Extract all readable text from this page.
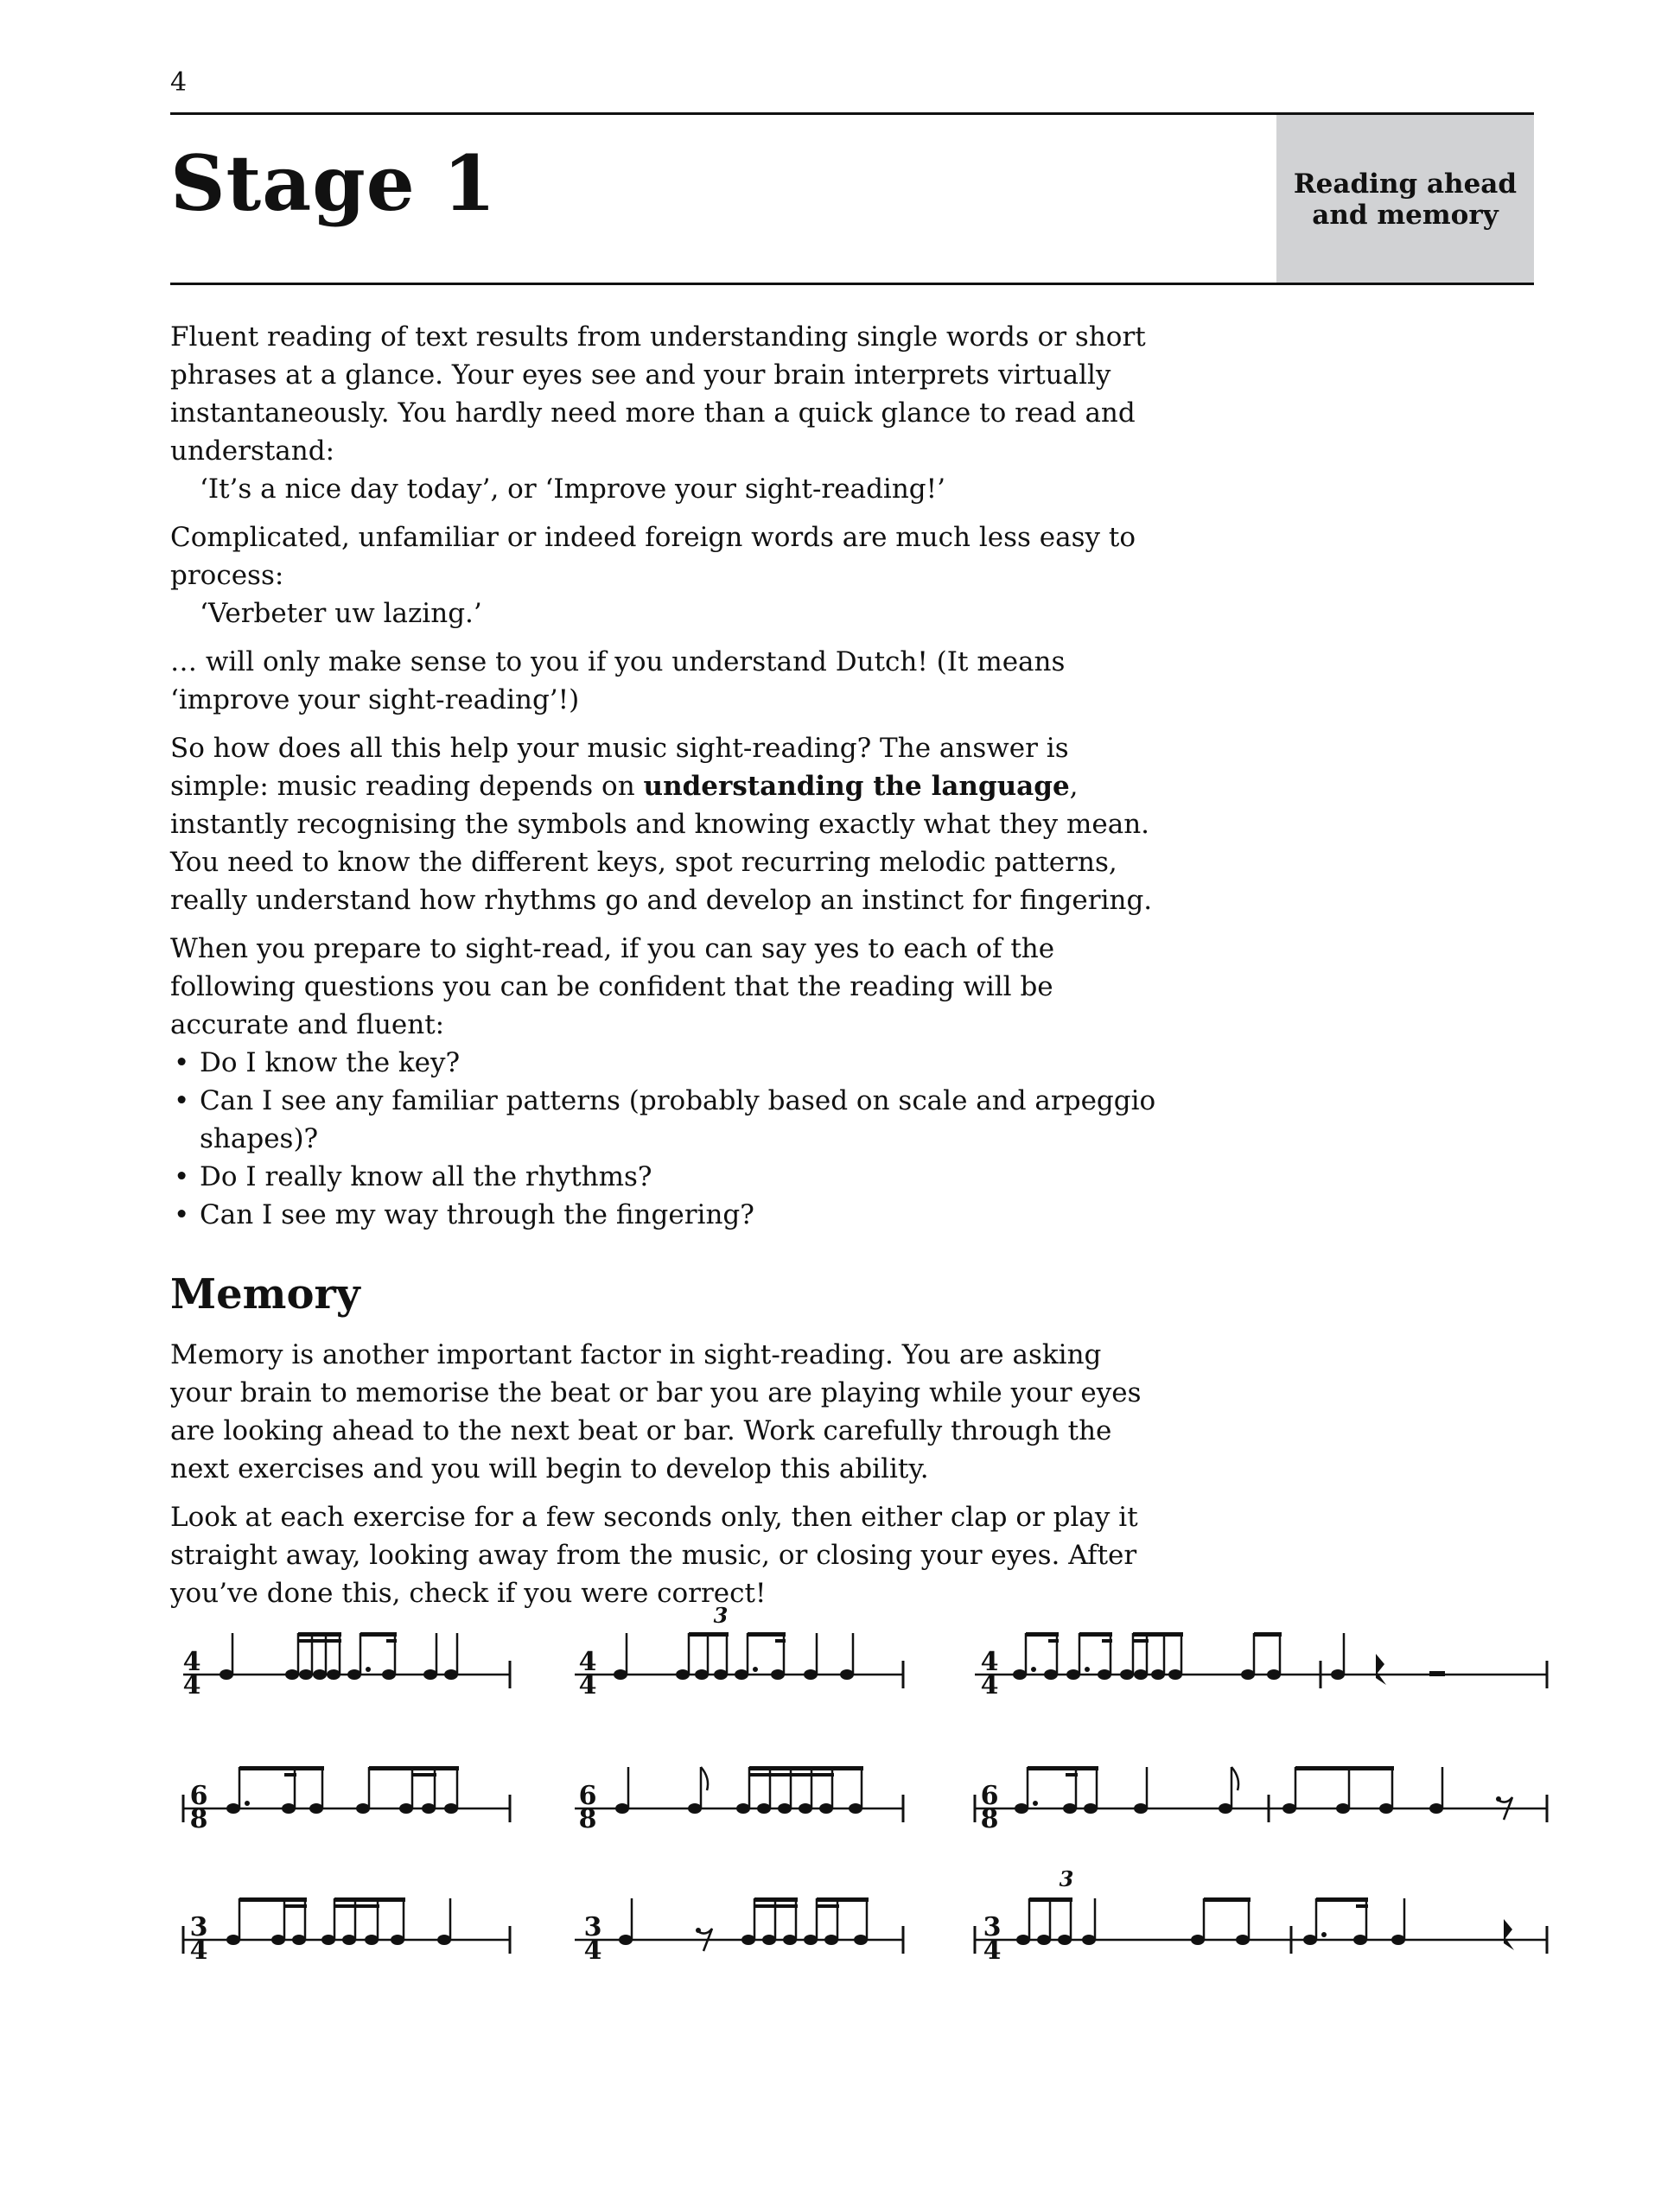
4
Stage 1	Reading ahead and memory

Fluent reading of text results from understanding single words or short phrases at a glance. Your eyes see and your brain interprets virtually instantaneously. You hardly need more than a quick glance to read and understand:

‘It’s a nice day today’, or ‘Improve your sight-reading!’

Complicated, unfamiliar or indeed foreign words are much less easy to process:

‘Verbeter uw lazing.’

… will only make sense to you if you understand Dutch! (It means ‘improve your sight-reading’!)

So how does all this help your music sight-reading? The answer is simple: music reading depends on understanding the language, instantly recognising the symbols and knowing exactly what they mean. You need to know the different keys, spot recurring melodic patterns, really understand how rhythms go and develop an instinct for fingering.

When you prepare to sight-read, if you can say yes to each of the following questions you can be confident that the reading will be accurate and fluent:

• Do I know the key?
• Can I see any familiar patterns (probably based on scale and arpeggio shapes)?
• Do I really know all the rhythms?
• Can I see my way through the fingering?
Memory

Memory is another important factor in sight-reading. You are asking your brain to memorise the beat or bar you are playing while your eyes are looking ahead to the next beat or bar. Work carefully through the next exercises and you will begin to develop this ability.

Look at each exercise for a few seconds only, then either clap or play it straight away, looking away from the music, or closing your eyes. After you’ve done this, check if you were correct!

4
4
4
4
3
4
4
6
8
6
8
6
8
3
4
3
4
3
4
3
